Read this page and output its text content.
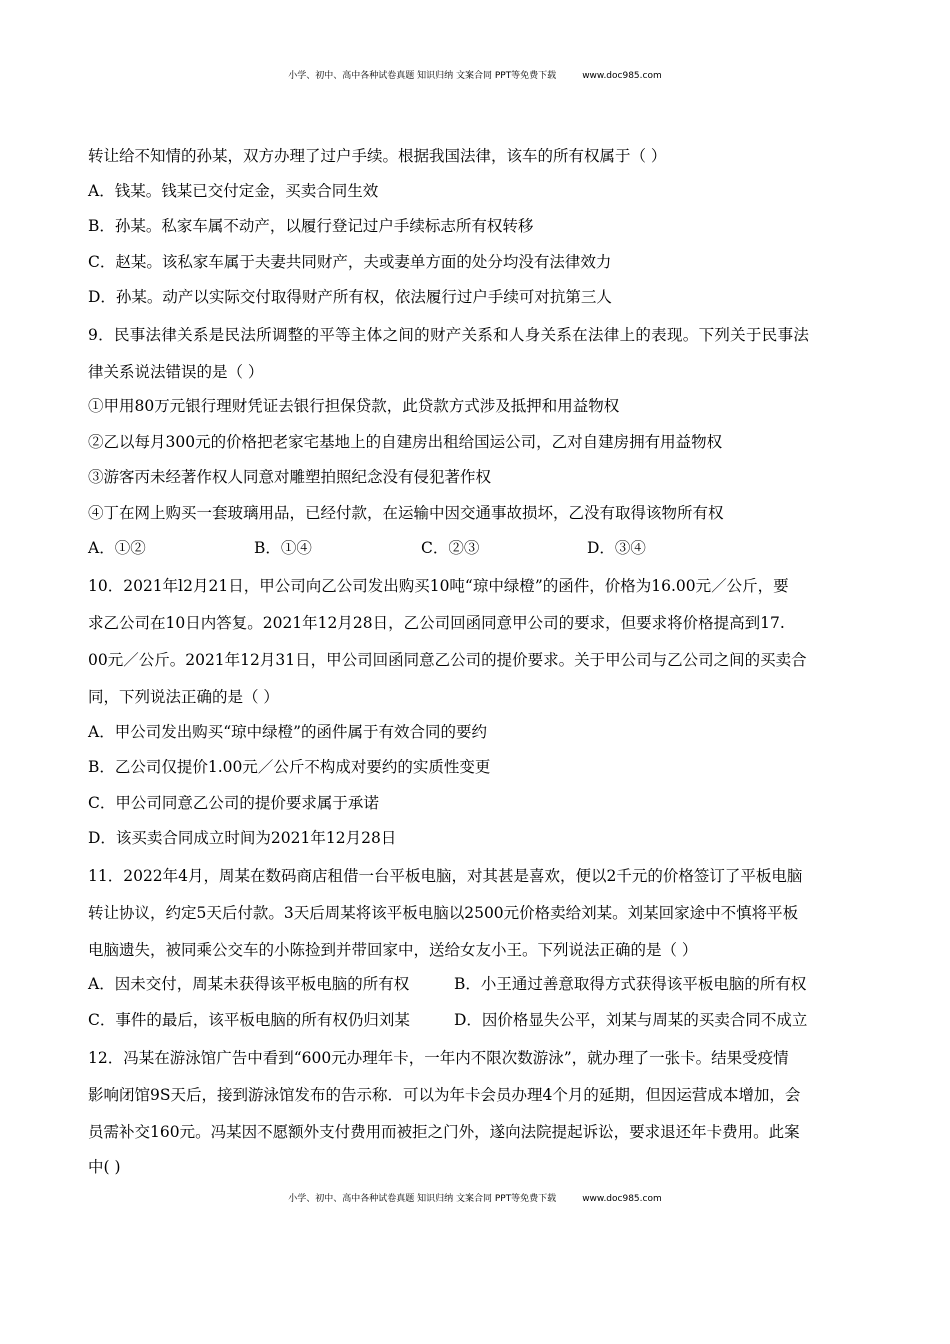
小学、初中、高中各种试卷真题 知识归纳 文案合同 PPT等免费下载	www.doc985.com
转让给不知情的孙某，双方办理了过户手续。根据我国法律，该车的所有权属于（ ）
A．钱某。钱某已交付定金，买卖合同生效
B．孙某。私家车属不动产，以履行登记过户手续标志所有权转移
C．赵某。该私家车属于夫妻共同财产，夫或妻单方面的处分均没有法律效力
D．孙某。动产以实际交付取得财产所有权，依法履行过户手续可对抗第三人
9．民事法律关系是民法所调整的平等主体之间的财产关系和人身关系在法律上的表现。下列关于民事法
律关系说法错误的是（ ）
①甲用80万元银行理财凭证去银行担保贷款，此贷款方式涉及抵押和用益物权
②乙以每月300元的价格把老家宅基地上的自建房出租给国运公司，乙对自建房拥有用益物权
③游客丙未经著作权人同意对雕塑拍照纪念没有侵犯著作权
④丁在网上购买一套玻璃用品，已经付款，在运输中因交通事故损坏，乙没有取得该物所有权
A．①②	B．①④	C．②③	D．③④
10．2021年l2月21日，甲公司向乙公司发出购买10吨“琼中绿橙”的函件，价格为16.00元／公斤，要
求乙公司在10日内答复。2021年12月28日，乙公司回函同意甲公司的要求，但要求将价格提高到17.
00元／公斤。2021年12月31日，甲公司回函同意乙公司的提价要求。关于甲公司与乙公司之间的买卖合
同，下列说法正确的是（ ）
A．甲公司发出购买“琼中绿橙”的函件属于有效合同的要约
B．乙公司仅提价1.00元／公斤不构成对要约的实质性变更
C．甲公司同意乙公司的提价要求属于承诺
D．该买卖合同成立时间为2021年12月28日
11．2022年4月，周某在数码商店租借一台平板电脑，对其甚是喜欢，便以2千元的价格签订了平板电脑
转让协议，约定5天后付款。3天后周某将该平板电脑以2500元价格卖给刘某。刘某回家途中不慎将平板
电脑遗失，被同乘公交车的小陈捡到并带回家中，送给女友小王。下列说法正确的是（ ）
A．因未交付，周某未获得该平板电脑的所有权	B．小王通过善意取得方式获得该平板电脑的所有权
C．事件的最后，该平板电脑的所有权仍归刘某	D．因价格显失公平，刘某与周某的买卖合同不成立
12．冯某在游泳馆广告中看到“600元办理年卡，一年内不限次数游泳”，就办理了一张卡。结果受疫情
影响闭馆9S天后，接到游泳馆发布的告示称．可以为年卡会员办理4个月的延期，但因运营成本增加，会
员需补交160元。冯某因不愿额外支付费用而被拒之门外，遂向法院提起诉讼，要求退还年卡费用。此案
中( )
小学、初中、高中各种试卷真题 知识归纳 文案合同 PPT等免费下载	www.doc985.com
